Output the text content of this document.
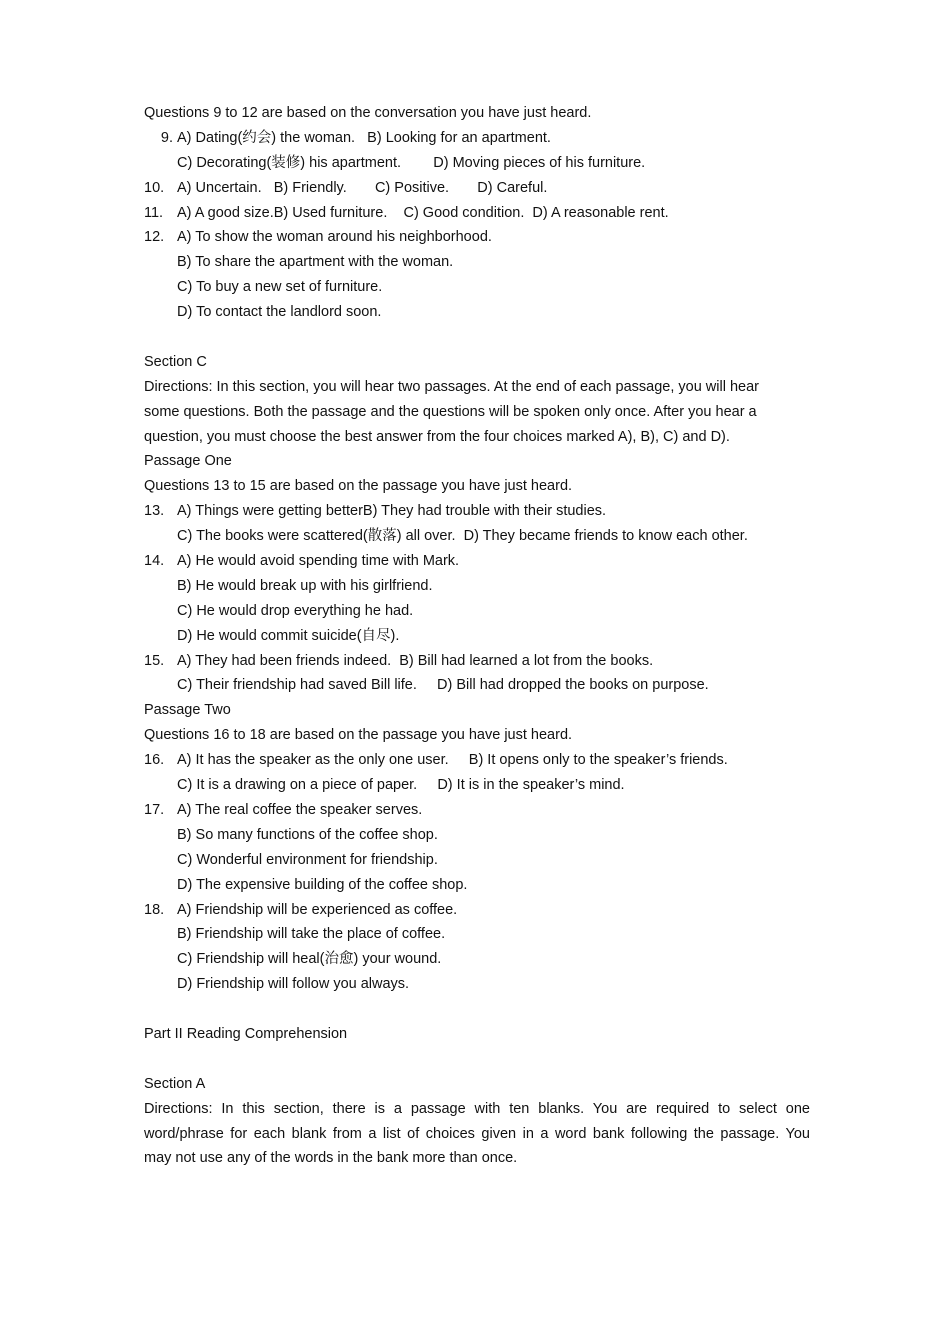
Questions 9 to 12 are based on the conversation you have just heard.
9. A) Dating(约会) the woman.   B) Looking for an apartment.
C) Decorating(装修) his apartment.        D) Moving pieces of his furniture.
10. A) Uncertain.   B) Friendly.       C) Positive.       D) Careful.
11. A) A good size.B) Used furniture.    C) Good condition.  D) A reasonable rent.
12. A) To show the woman around his neighborhood.
B) To share the apartment with the woman.
C) To buy a new set of furniture.
D) To contact the landlord soon.
Section C
Directions: In this section, you will hear two passages. At the end of each passage, you will hear
some questions. Both the passage and the questions will be spoken only once. After you hear a
question, you must choose the best answer from the four choices marked A), B), C) and D).
Passage One
Questions 13 to 15 are based on the passage you have just heard.
13. A) Things were getting betterB) They had trouble with their studies.
C) The books were scattered(散落) all over.  D) They became friends to know each other.
14. A) He would avoid spending time with Mark.
B) He would break up with his girlfriend.
C) He would drop everything he had.
D) He would commit suicide(自尽).
15. A) They had been friends indeed.  B) Bill had learned a lot from the books.
C) Their friendship had saved Bill life.     D) Bill had dropped the books on purpose.
Passage Two
Questions 16 to 18 are based on the passage you have just heard.
16. A) It has the speaker as the only one user.     B) It opens only to the speaker’s friends.
C) It is a drawing on a piece of paper.     D) It is in the speaker’s mind.
17. A) The real coffee the speaker serves.
B) So many functions of the coffee shop.
C) Wonderful environment for friendship.
D) The expensive building of the coffee shop.
18. A) Friendship will be experienced as coffee.
B) Friendship will take the place of coffee.
C) Friendship will heal(治愈) your wound.
D) Friendship will follow you always.
Part II Reading Comprehension
Section A
Directions: In this section, there is a passage with ten blanks. You are required to select one
word/phrase for each blank from a list of choices given in a word bank following the passage. You
may not use any of the words in the bank more than once.
